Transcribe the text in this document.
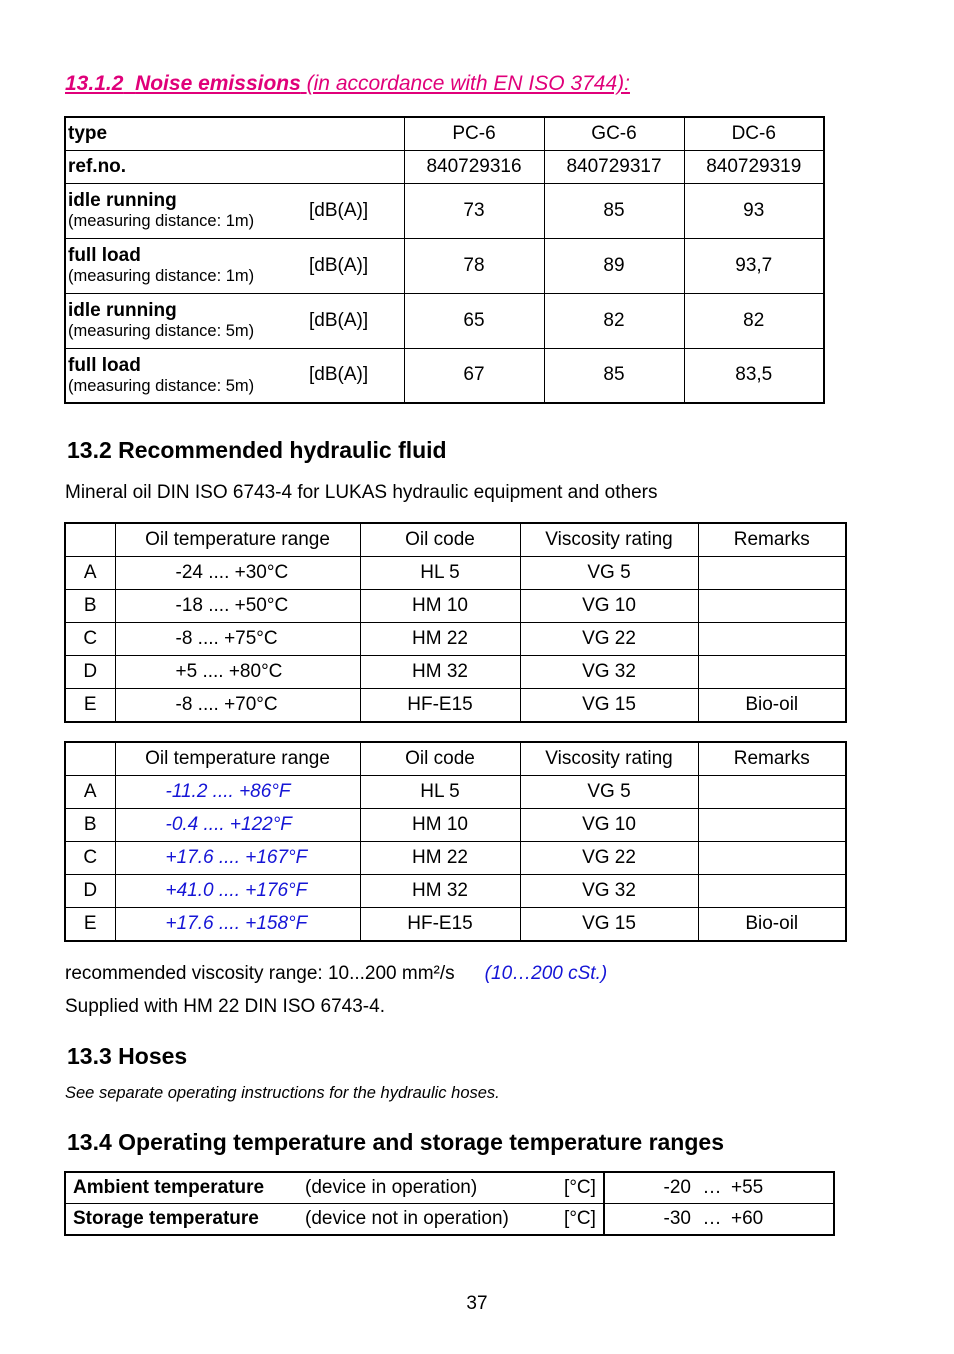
13.1.2 Noise emissions (in accordance with EN ISO 3744):
type		PC-6	GC-6	DC-6
ref.no.		840729316	840729317	840729319

idle running
(measuring distance: 1m)	[dB(A)]	73	85	93

full load
(measuring distance: 1m)	[dB(A)]	78	89	93,7

idle running
(measuring distance: 5m)	[dB(A)]	65	82	82

full load
(measuring distance: 5m)	[dB(A)]	67	85	83,5
13.2 Recommended hydraulic fluid
Mineral oil DIN ISO 6743-4 for LUKAS hydraulic equipment and others
	Oil temperature range	Oil code	Viscosity rating	Remarks
A	-24 .... +30°C	HL 5	VG 5	
B	-18 .... +50°C	HM 10	VG 10	
C	-8 .... +75°C	HM 22	VG 22	
D	+5 .... +80°C	HM 32	VG 32	
E	-8 .... +70°C	HF-E15	VG 15	Bio-oil
	Oil temperature range	Oil code	Viscosity rating	Remarks
A	-11.2 .... +86°F	HL 5	VG 5	
B	-0.4 .... +122°F	HM 10	VG 10	
C	+17.6 .... +167°F	HM 22	VG 22	
D	+41.0 .... +176°F	HM 32	VG 32	
E	+17.6 .... +158°F	HF-E15	VG 15	Bio-oil
recommended viscosity range: 10...200 mm²/s (10…200 cSt.)
Supplied with HM 22 DIN ISO 6743-4.
13.3 Hoses
See separate operating instructions for the hydraulic hoses.
13.4 Operating temperature and storage temperature ranges
Ambient temperature	(device in operation)	[°C]	-20	…	+55
Storage temperature	(device not in operation)	[°C]	-30	…	+60
37
